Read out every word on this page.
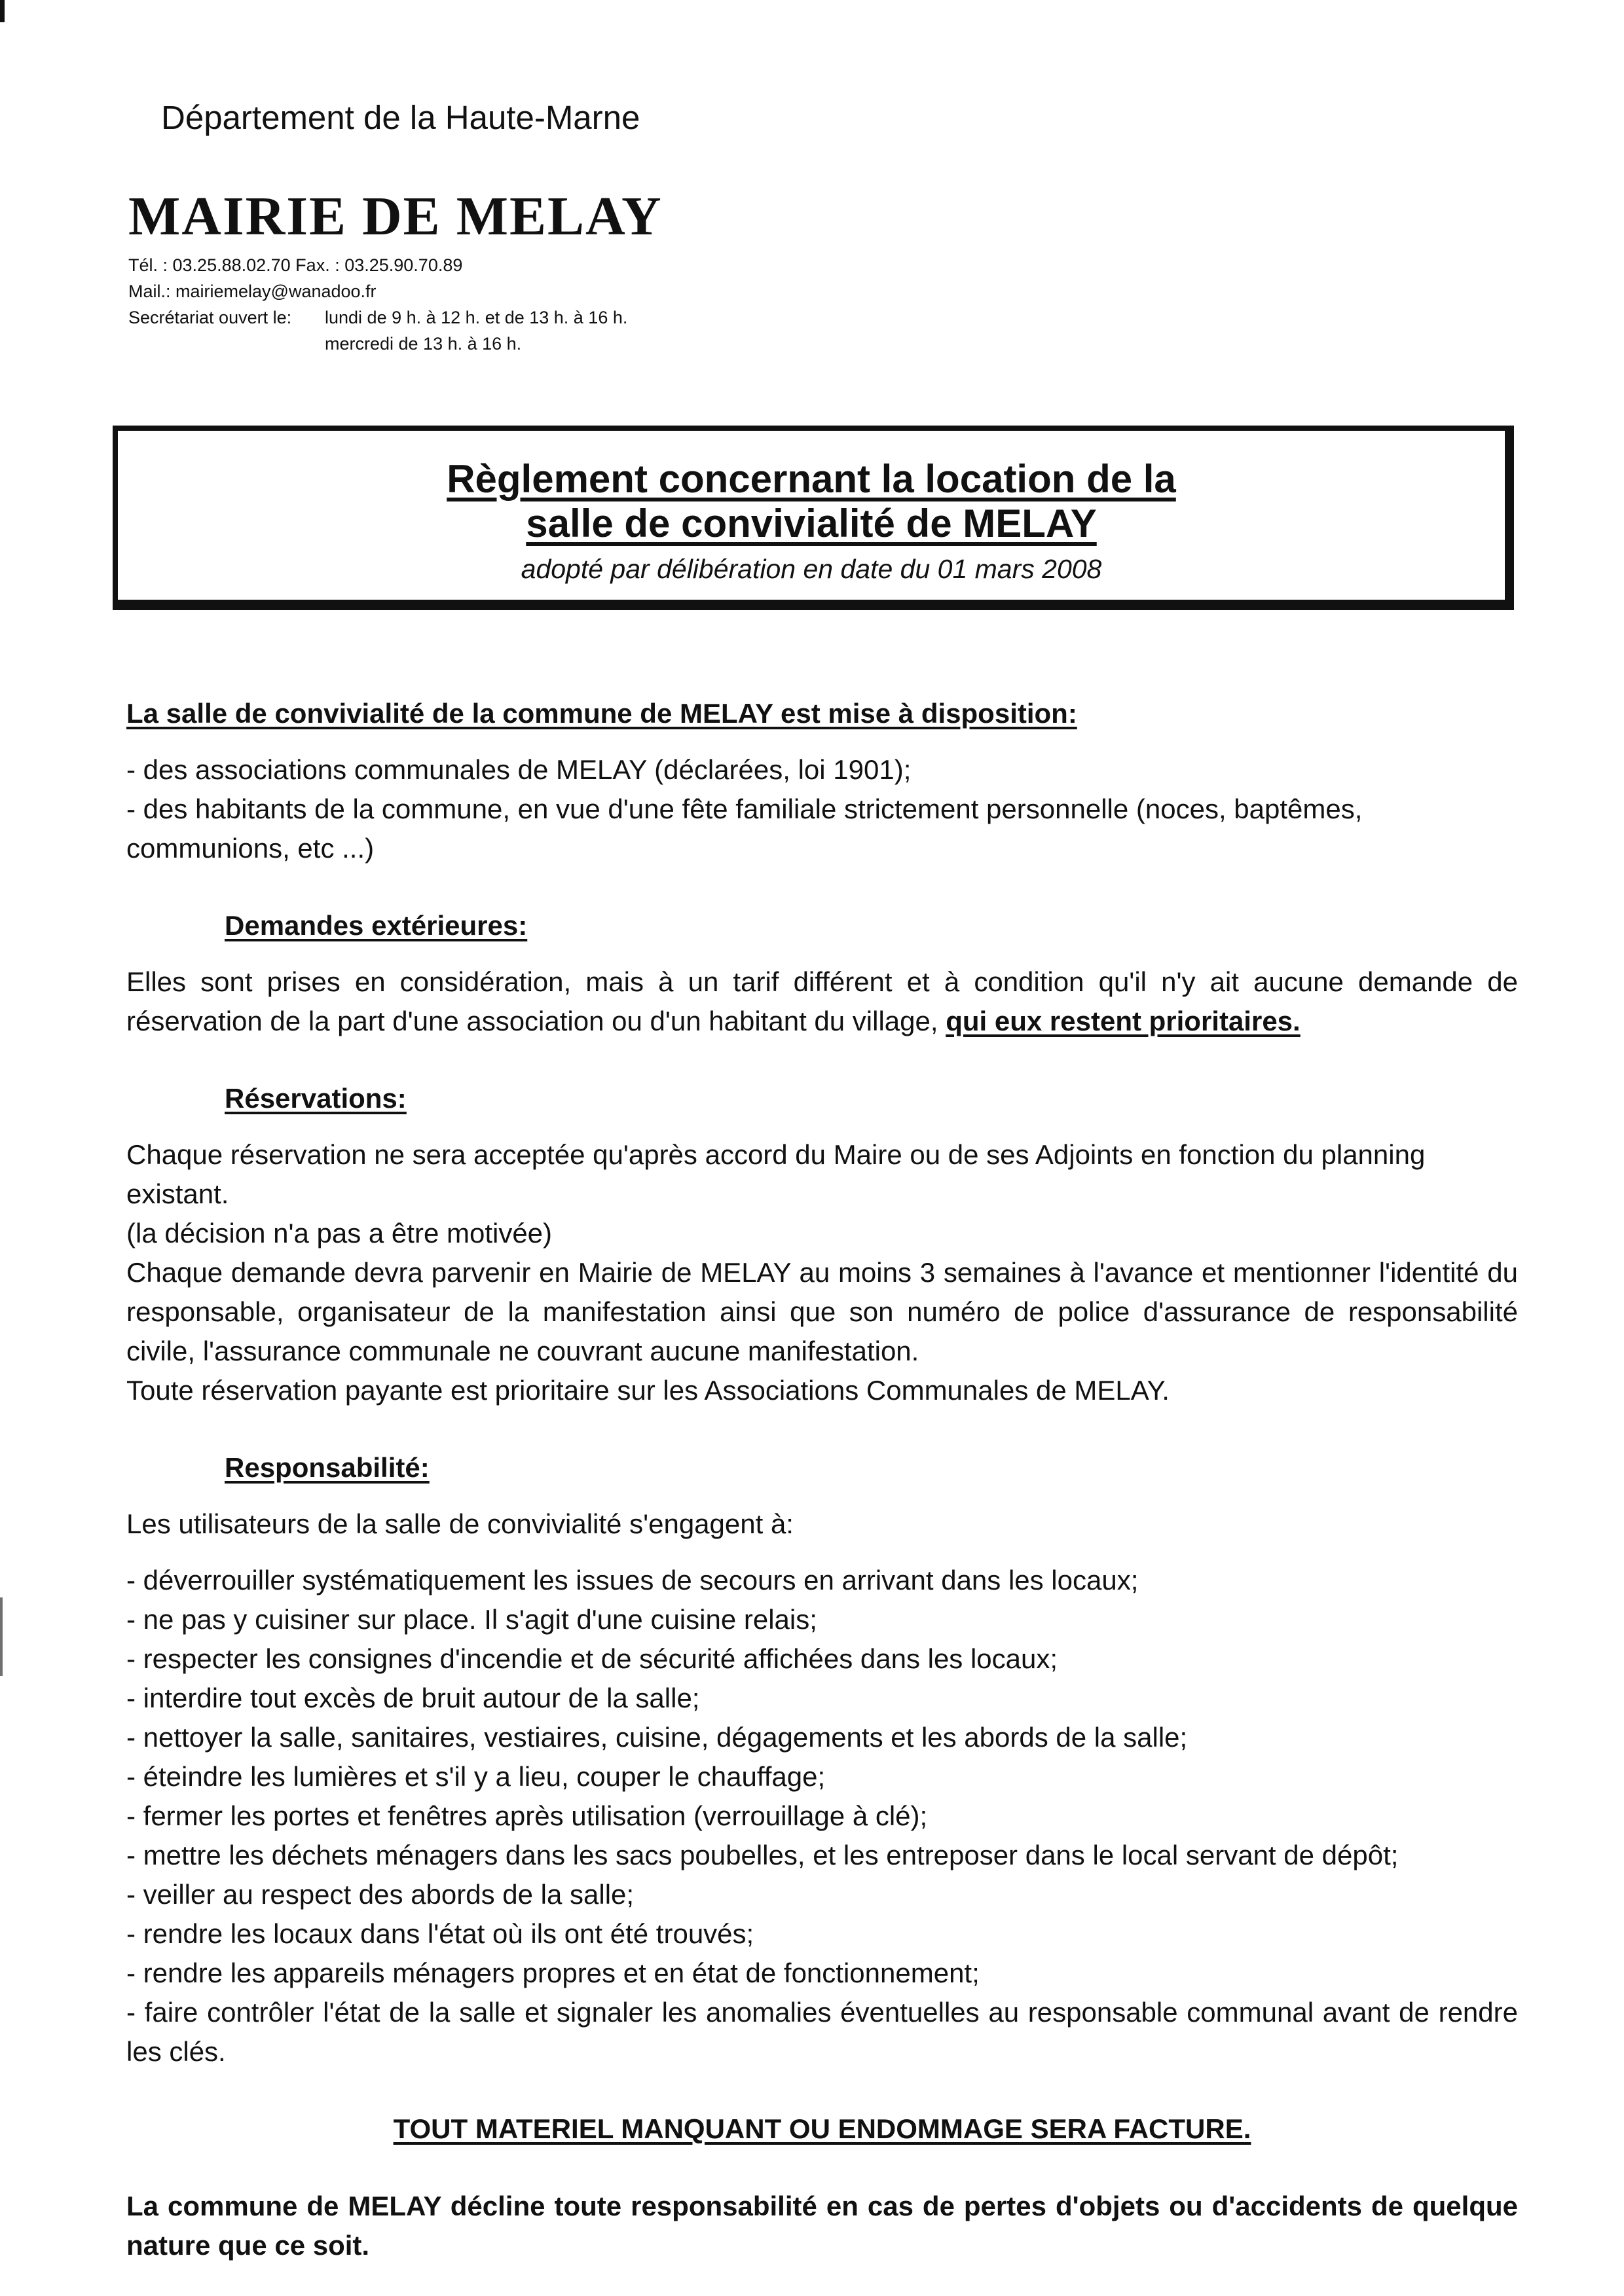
Département de la Haute-Marne
MAIRIE DE MELAY
Tél. : 03.25.88.02.70 Fax. : 03.25.90.70.89
Mail.: mairiemelay@wanadoo.fr
Secrétariat ouvert le: lundi de 9 h. à 12 h. et de 13 h. à 16 h.
mercredi de 13 h. à 16 h.
Règlement concernant la location de la
salle de convivialité de MELAY
adopté par délibération en date du 01 mars 2008

La salle de convivialité de la commune de MELAY est mise à disposition:

- des associations communales de MELAY (déclarées, loi 1901);

- des habitants de la commune, en vue d'une fête familiale strictement personnelle (noces, baptêmes, communions, etc ...)

Demandes extérieures:

Elles sont prises en considération, mais à un tarif différent et à condition qu'il n'y ait aucune demande de réservation de la part d'une association ou d'un habitant du village, qui eux restent prioritaires.

Réservations:

Chaque réservation ne sera acceptée qu'après accord du Maire ou de ses Adjoints en fonction du planning existant.

(la décision n'a pas a être motivée)

Chaque demande devra parvenir en Mairie de MELAY au moins 3 semaines à l'avance et mentionner l'identité du responsable, organisateur de la manifestation ainsi que son numéro de police d'assurance de responsabilité civile, l'assurance communale ne couvrant aucune manifestation.

Toute réservation payante est prioritaire sur les Associations Communales de MELAY.

Responsabilité:

Les utilisateurs de la salle de convivialité s'engagent à:

- déverrouiller systématiquement les issues de secours en arrivant dans les locaux;

- ne pas y cuisiner sur place. Il s'agit d'une cuisine relais;

- respecter les consignes d'incendie et de sécurité affichées dans les locaux;

- interdire tout excès de bruit autour de la salle;

- nettoyer la salle, sanitaires, vestiaires, cuisine, dégagements et les abords de la salle;

- éteindre les lumières et s'il y a lieu, couper le chauffage;

- fermer les portes et fenêtres après utilisation (verrouillage à clé);

- mettre les déchets ménagers dans les sacs poubelles, et les entreposer dans le local servant de dépôt;

- veiller au respect des abords de la salle;

- rendre les locaux dans l'état où ils ont été trouvés;

- rendre les appareils ménagers propres et en état de fonctionnement;

- faire contrôler l'état de la salle et signaler les anomalies éventuelles au responsable communal avant de rendre les clés.

TOUT MATERIEL MANQUANT OU ENDOMMAGE SERA FACTURE.

La commune de MELAY décline toute responsabilité en cas de pertes d'objets ou d'accidents de quelque nature que ce soit.
